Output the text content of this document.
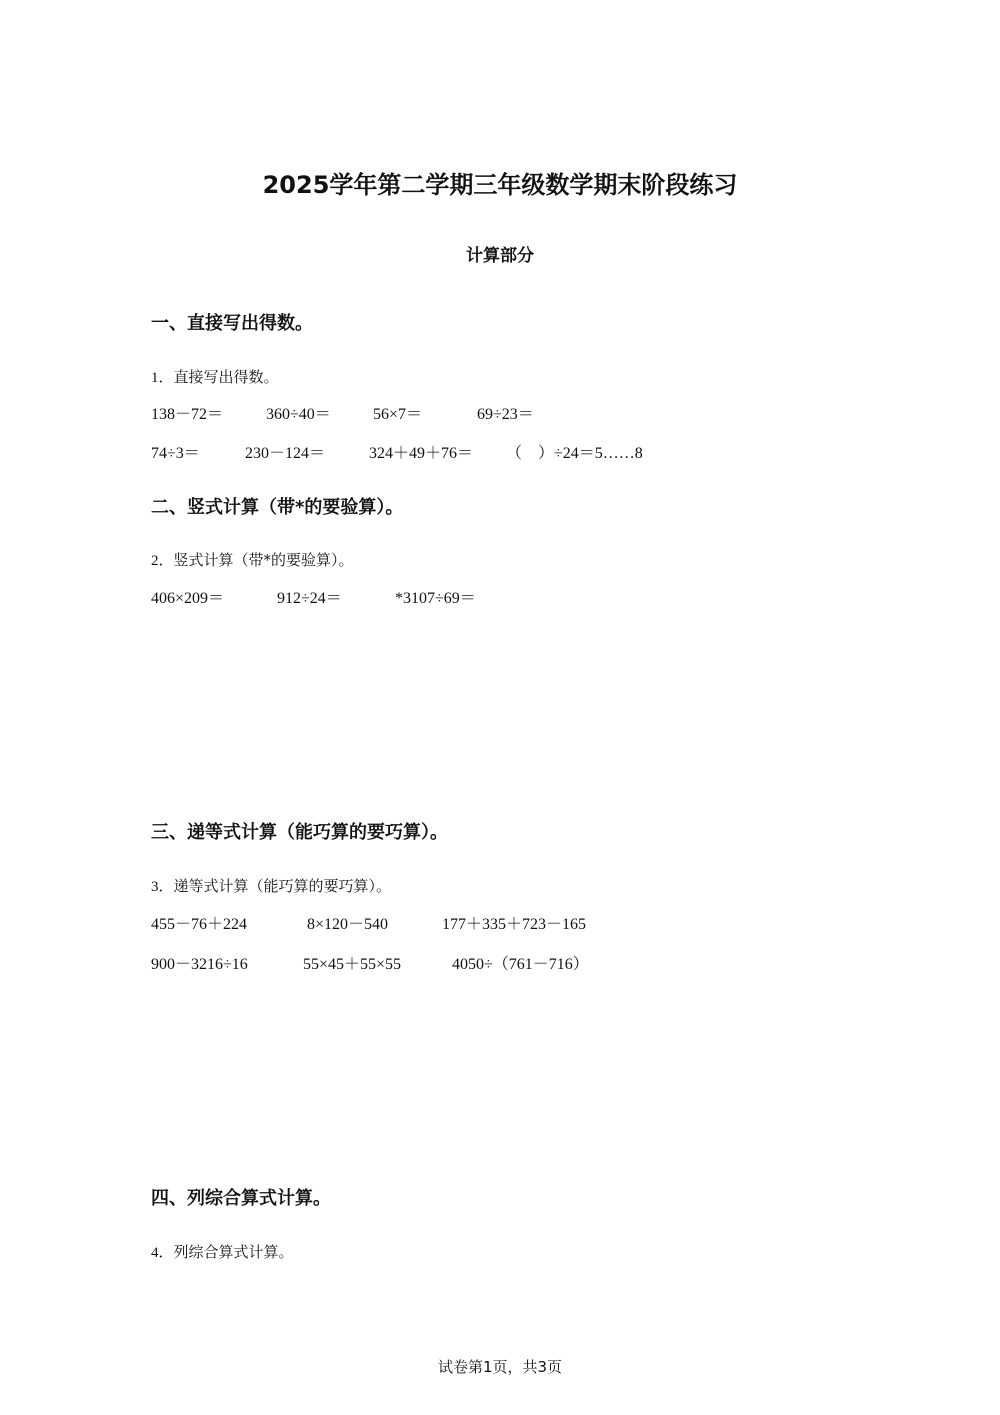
2025学年第二学期三年级数学期末阶段练习
计算部分
一、直接写出得数。
1．直接写出得数。
138－72＝	360÷40＝	56×7＝	69÷23＝
74÷3＝	230－124＝	324＋49＋76＝ （　）÷24＝5……8
二、竖式计算（带*的要验算）。
2．竖式计算（带*的要验算）。
406×209＝	912÷24＝	*3107÷69＝
三、递等式计算（能巧算的要巧算）。
3．递等式计算（能巧算的要巧算）。
455－76＋224	8×120－540	177＋335＋723－165
900－3216÷16	55×45＋55×55	4050÷（761－716）
四、列综合算式计算。
4．列综合算式计算。
试卷第1页，共3页
